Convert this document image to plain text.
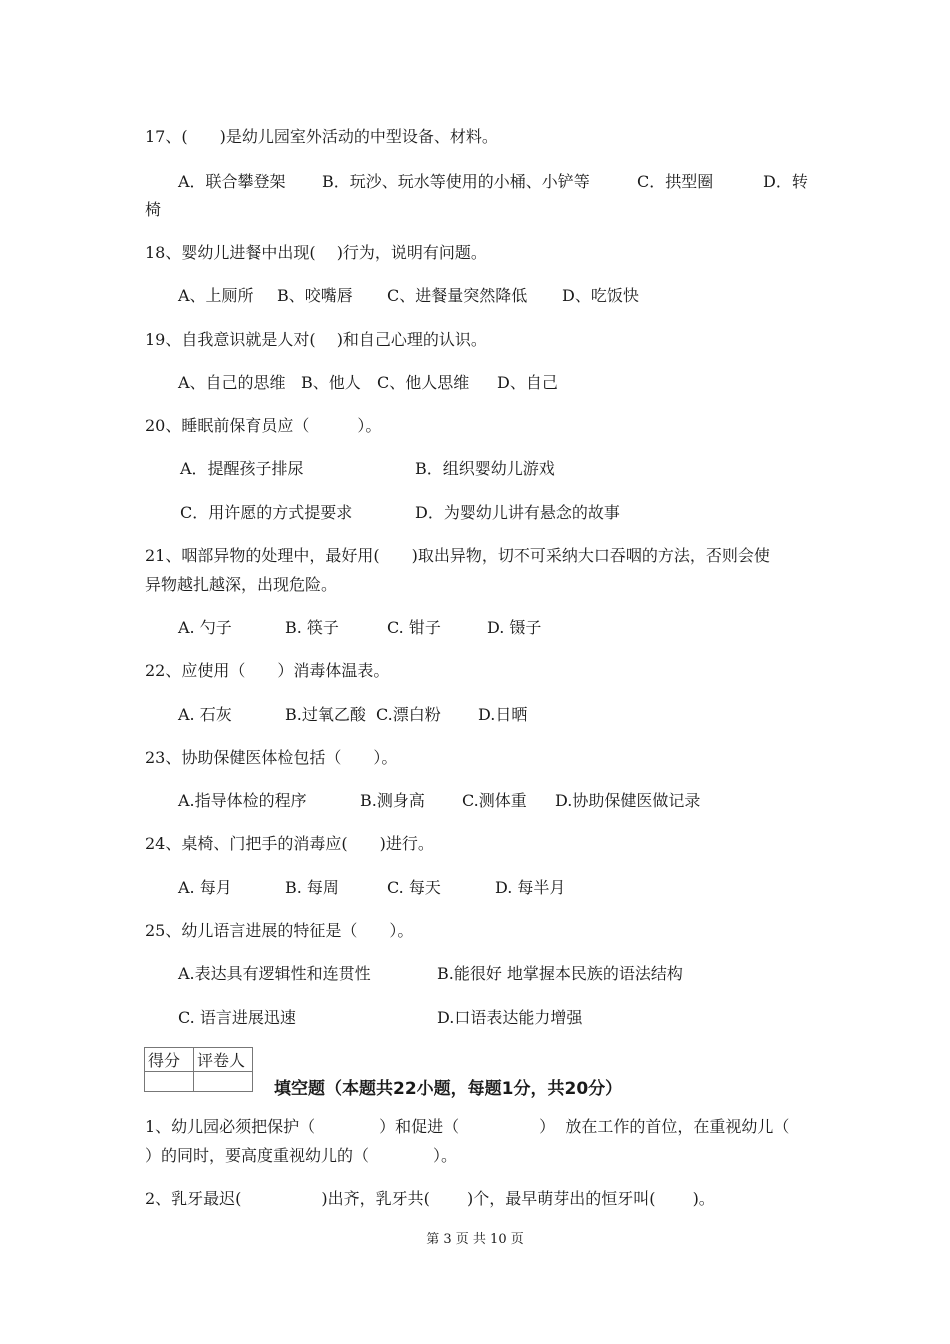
17、(　　)是幼儿园室外活动的中型设备、材料。
A．联合攀登架 B．玩沙、玩水等使用的小桶、小铲等	C．拱型圈	D．转
椅
18、婴幼儿进餐中出现(　 )行为，说明有问题。
A、上厕所 B、咬嘴唇 C、进餐量突然降低 D、吃饭快
19、自我意识就是人对(　 )和自己心理的认识。
A、自己的思维 B、他人 C、他人思维 D、自己
20、睡眠前保育员应（　　　）。
A．提醒孩子排尿	B．组织婴幼儿游戏
C．用许愿的方式提要求	D．为婴幼儿讲有悬念的故事
21、咽部异物的处理中，最好用(　　)取出异物，切不可采纳大口吞咽的方法，否则会使
异物越扎越深，出现危险。
A. 勺子	B. 筷子	C. 钳子	D. 镊子
22、应使用（　　）消毒体温表。
A. 石灰	B.过氧乙酸 C.漂白粉 D.日晒
23、协助保健医体检包括（　　）。
A.指导体检的程序	B.测身高 C.测体重 D.协助保健医做记录
24、桌椅、门把手的消毒应(　　)进行。
A. 每月	B. 每周	C. 每天	D. 每半月
25、幼儿语言进展的特征是（　　）。
A.表达具有逻辑性和连贯性	B.能很好 地掌握本民族的语法结构
C. 语言进展迅速	D.口语表达能力增强
得分	评卷人

填空题（本题共22小题，每题1分，共20分）
1、幼儿园必须把保护（　　　　）和促进（　　　　　）  放在工作的首位，在重视幼儿（
）的同时，要高度重视幼儿的（　　　　）。
2、乳牙最迟(　　　　　)出齐，乳牙共(　　 )个，最早萌芽出的恒牙叫(　　 )。
第 3 页 共 10 页
